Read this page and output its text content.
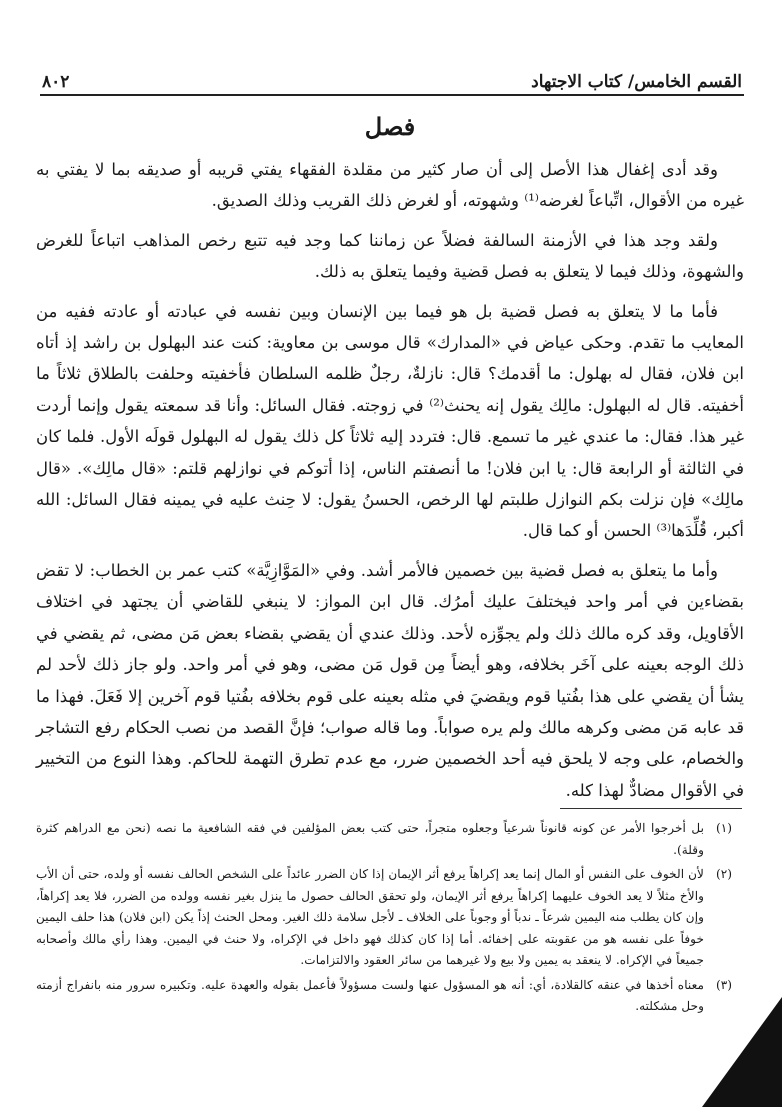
القسم الخامس/ كتاب الاجتهاد
٨٠٢
فصل

وقد أدى إغفال هذا الأصل إلى أن صار كثير من مقلدة الفقهاء يفتي قريبه أو صديقه بما لا يفتي به غيره من الأقوال، اتِّباعاً لغرضه⁽¹⁾ وشهوته، أو لغرض ذلك القريب وذلك الصديق.

ولقد وجد هذا في الأزمنة السالفة فضلاً عن زماننا كما وجد فيه تتبع رخص المذاهب اتباعاً للغرض والشهوة، وذلك فيما لا يتعلق به فصل قضية وفيما يتعلق به ذلك.

فأما ما لا يتعلق به فصل قضية بل هو فيما بين الإنسان وبين نفسه في عبادته أو عادته ففيه من المعايب ما تقدم. وحكى عياض في «المدارك» قال موسى بن معاوية: كنت عند البهلول بن راشد إذ أتاه ابن فلان، فقال له بهلول: ما أقدمك؟ قال: نازلةٌ، رجلٌ ظلمه السلطان فأخفيته وحلفت بالطلاق ثلاثاً ما أخفيته. قال له البهلول: مالِك يقول إنه يحنث⁽²⁾ في زوجته. فقال السائل: وأنا قد سمعته يقول وإنما أردت غير هذا. فقال: ما عندي غير ما تسمع. قال: فتردد إليه ثلاثاً كل ذلك يقول له البهلول قولَه الأول. فلما كان في الثالثة أو الرابعة قال: يا ابن فلان! ما أنصفتم الناس، إذا أتوكم في نوازلهم قلتم: «قال مالِك». «قال مالِك» فإن نزلت بكم النوازل طلبتم لها الرخص، الحسنُ يقول: لا حِنث عليه في يمينه فقال السائل: الله أكبر، قُلِّدَها⁽³⁾ الحسن أو كما قال.

وأما ما يتعلق به فصل قضية بين خصمين فالأمر أشد. وفي «المَوَّازِيَّة» كتب عمر بن الخطاب: لا تقض بقضاءين في أمر واحد فيختلفَ عليك أمرُك. قال ابن المواز: لا ينبغي للقاضي أن يجتهد في اختلاف الأقاويل، وقد كره مالك ذلك ولم يجوِّزه لأحد. وذلك عندي أن يقضي بقضاء بعض مَن مضى، ثم يقضي في ذلك الوجه بعينه على آخَر بخلافه، وهو أيضاً مِن قول مَن مضى، وهو في أمر واحد. ولو جاز ذلك لأحد لم يشأ أن يقضي على هذا بفُتيا قوم ويقضيَ في مثله بعينه على قوم بخلافه بفُتيا قوم آخرين إلا فَعَلَ. فهذا ما قد عابه مَن مضى وكرهه مالك ولم يره صواباً. وما قاله صواب؛ فإنَّ القصد من نصب الحكام رفع التشاجر والخصام، على وجه لا يلحق فيه أحد الخصمين ضرر، مع عدم تطرق التهمة للحاكم. وهذا النوع من التخيير في الأقوال مضادٌّ لهذا كله.

(١)
بل أخرجوا الأمر عن كونه قانوناً شرعياً وجعلوه متجراً، حتى كتب بعض المؤلفين في فقه الشافعية ما نصه (نحن مع الدراهم كثرة وقلة).
(٢)
لأن الخوف على النفس أو المال إنما يعد إكراهاً يرفع أثر الإيمان إذا كان الضرر عائداً على الشخص الحالف نفسه أو ولده، حتى أن الأب والأخ مثلاً لا يعد الخوف عليهما إكراهاً يرفع أثر الإيمان، ولو تحقق الحالف حصول ما ينزل بغير نفسه وولده من الضرر، فلا يعد إكراهاً، وإن كان يطلب منه اليمين شرعاً ـ ندباً أو وجوباً على الخلاف ـ لأجل سلامة ذلك الغير. ومحل الحنث إذاً يكن (ابن فلان) هذا حلف اليمين خوفاً على نفسه هو من عقوبته على إخفائه. أما إذا كان كذلك فهو داخل في الإكراه، ولا حنث في اليمين. وهذا رأي مالك وأصحابه جميعاً في الإكراه. لا ينعقد به يمين ولا بيع ولا غيرهما من سائر العقود والالتزامات.
(٣)
معناه أخذها في عنقه كالقلادة، أي: أنه هو المسؤول عنها ولست مسؤولاً فأعمل بقوله والعهدة عليه. وتكبيره سرور منه بانفراج أزمته وحل مشكلته.
